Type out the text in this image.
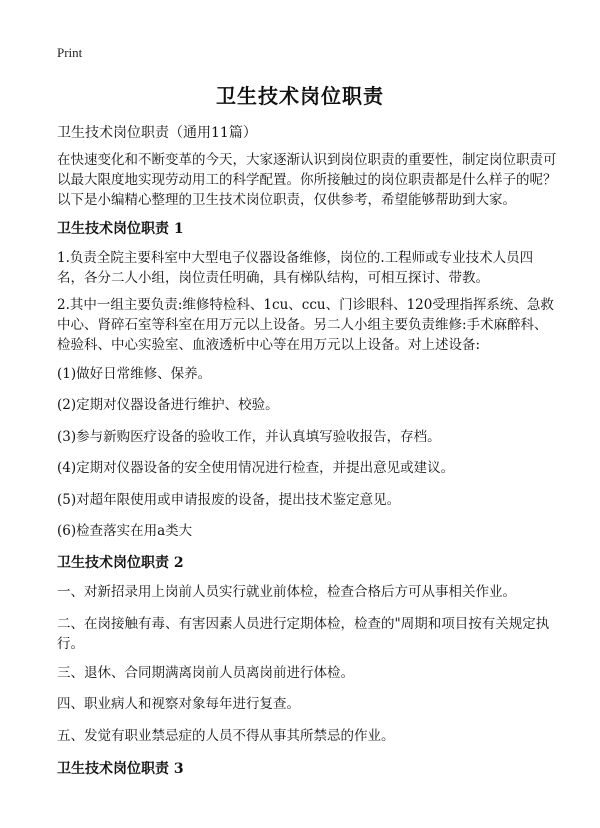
Print
卫生技术岗位职责
卫生技术岗位职责（通用11篇）

在快速变化和不断变革的今天，大家逐渐认识到岗位职责的重要性，制定岗位职责可以最大限度地实现劳动用工的科学配置。你所接触过的岗位职责都是什么样子的呢？以下是小编精心整理的卫生技术岗位职责，仅供参考，希望能够帮助到大家。

卫生技术岗位职责 1

1.负责全院主要科室中大型电子仪器设备维修，岗位的.工程师或专业技术人员四名，各分二人小组，岗位责任明确，具有梯队结构，可相互探讨、带教。

2.其中一组主要负责:维修特检科、1cu、ccu、门诊眼科、120受理指挥系统、急救中心、肾碎石室等科室在用万元以上设备。另二人小组主要负责维修:手术麻醉科、检验科、中心实验室、血液透析中心等在用万元以上设备。对上述设备:

(1)做好日常维修、保养。

(2)定期对仪器设备进行维护、校验。

(3)参与新购医疗设备的验收工作，并认真填写验收报告，存档。

(4)定期对仪器设备的安全使用情况进行检查，并提出意见或建议。

(5)对超年限使用或申请报废的设备，提出技术鉴定意见。

(6)检查落实在用a类大

卫生技术岗位职责 2

一、对新招录用上岗前人员实行就业前体检，检查合格后方可从事相关作业。

二、在岗接触有毒、有害因素人员进行定期体检，检查的"周期和项目按有关规定执行。

三、退休、合同期满离岗前人员离岗前进行体检。

四、职业病人和视察对象每年进行复查。

五、发觉有职业禁忌症的人员不得从事其所禁忌的作业。

卫生技术岗位职责 3
